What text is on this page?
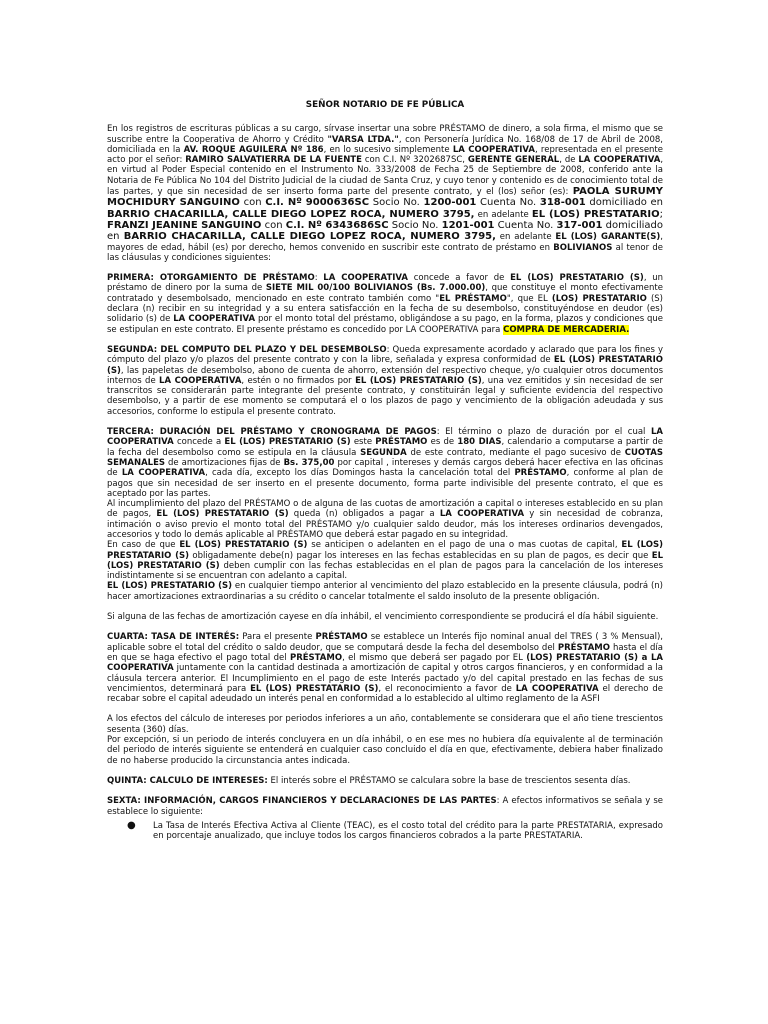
SEÑOR NOTARIO DE FE PÚBLICA
En los registros de escrituras públicas a su cargo, sírvase insertar una sobre PRÉSTAMO de dinero, a sola firma, el mismo que se suscribe entre la Cooperativa de Ahorro y Crédito "VARSA LTDA.", con Personería Jurídica No. 168/08 de 17 de Abril de 2008, domiciliada en la AV. ROQUE AGUILERA Nº 186, en lo sucesivo simplemente LA COOPERATIVA, representada en el presente acto por el señor: RAMIRO SALVATIERRA DE LA FUENTE con C.I. Nº 3202687SC, GERENTE GENERAL, de LA COOPERATIVA, en virtud al Poder Especial contenido en el Instrumento No. 333/2008 de Fecha 25 de Septiembre de 2008, conferido ante la Notaria de Fe Pública No 104 del Distrito Judicial de la ciudad de Santa Cruz, y cuyo tenor y contenido es de conocimiento total de las partes, y que sin necesidad de ser inserto forma parte del presente contrato, y el (los) señor (es): PAOLA SURUMY MOCHIDURY SANGUINO con C.I. Nº 9000636SC Socio No. 1200-001 Cuenta No. 318-001 domiciliado en BARRIO CHACARILLA, CALLE DIEGO LOPEZ ROCA, NUMERO 3795, en adelante EL (LOS) PRESTATARIO; FRANZI JEANINE SANGUINO con C.I. Nº 6343686SC Socio No. 1201-001 Cuenta No. 317-001 domiciliado en BARRIO CHACARILLA, CALLE DIEGO LOPEZ ROCA, NUMERO 3795, en adelante EL (LOS) GARANTE(S), mayores de edad, hábil (es) por derecho, hemos convenido en suscribir este contrato de préstamo en BOLIVIANOS al tenor de las cláusulas y condiciones siguientes:
PRIMERA: OTORGAMIENTO DE PRÉSTAMO: LA COOPERATIVA concede a favor de EL (LOS) PRESTATARIO (S), un préstamo de dinero por la suma de SIETE MIL 00/100 BOLIVIANOS (Bs. 7.000.00), que constituye el monto efectivamente contratado y desembolsado, mencionado en este contrato también como "EL PRÉSTAMO", que EL (LOS) PRESTATARIO (S) declara (n) recibir en su integridad y a su entera satisfacción en la fecha de su desembolso, constituyéndose en deudor (es) solidario (s) de LA COOPERATIVA por el monto total del préstamo, obligándose a su pago, en la forma, plazos y condiciones que se estipulan en este contrato. El presente préstamo es concedido por LA COOPERATIVA para COMPRA DE MERCADERIA.
SEGUNDA: DEL COMPUTO DEL PLAZO Y DEL DESEMBOLSO: Queda expresamente acordado y aclarado que para los fines y cómputo del plazo y/o plazos del presente contrato y con la libre, señalada y expresa conformidad de EL (LOS) PRESTATARIO (S), las papeletas de desembolso, abono de cuenta de ahorro, extensión del respectivo cheque, y/o cualquier otros documentos internos de LA COOPERATIVA, estén o no firmados por EL (LOS) PRESTATARIO (S), una vez emitidos y sin necesidad de ser transcritos se considerarán parte integrante del presente contrato, y constituirán legal y suficiente evidencia del respectivo desembolso, y a partir de ese momento se computará el o los plazos de pago y vencimiento de la obligación adeudada y sus accesorios, conforme lo estipula el presente contrato.
TERCERA: DURACIÓN DEL PRÉSTAMO Y CRONOGRAMA DE PAGOS: El término o plazo de duración por el cual LA COOPERATIVA concede a EL (LOS) PRESTATARIO (S) este PRÉSTAMO es de 180 DIAS, calendario a computarse a partir de la fecha del desembolso como se estipula en la cláusula SEGUNDA de este contrato, mediante el pago sucesivo de CUOTAS SEMANALES de amortizaciones fijas de Bs. 375,00 por capital , intereses y demás cargos deberá hacer efectiva en las oficinas de LA COOPERATIVA, cada día, excepto los días Domingos hasta la cancelación total del PRÉSTAMO, conforme al plan de pagos que sin necesidad de ser inserto en el presente documento, forma parte indivisible del presente contrato, el que es aceptado por las partes.
Al incumplimiento del plazo del PRÉSTAMO o de alguna de las cuotas de amortización a capital o intereses establecido en su plan de pagos, EL (LOS) PRESTATARIO (S) queda (n) obligados a pagar a LA COOPERATIVA y sin necesidad de cobranza, intimación o aviso previo el monto total del PRÉSTAMO y/o cualquier saldo deudor, más los intereses ordinarios devengados, accesorios y todo lo demás aplicable al PRÉSTAMO que deberá estar pagado en su integridad.
En caso de que EL (LOS) PRESTATARIO (S) se anticipen o adelanten en el pago de una o mas cuotas de capital, EL (LOS) PRESTATARIO (S) obligadamente debe(n) pagar los intereses en las fechas establecidas en su plan de pagos, es decir que EL (LOS) PRESTATARIO (S) deben cumplir con las fechas establecidas en el plan de pagos para la cancelación de los intereses indistintamente si se encuentran con adelanto a capital.
EL (LOS) PRESTATARIO (S) en cualquier tiempo anterior al vencimiento del plazo establecido en la presente cláusula, podrá (n) hacer amortizaciones extraordinarias a su crédito o cancelar totalmente el saldo insoluto de la presente obligación.
Si alguna de las fechas de amortización cayese en día inhábil, el vencimiento correspondiente se producirá el día hábil siguiente.
CUARTA: TASA DE INTERÉS: Para el presente PRÉSTAMO se establece un Interés fijo nominal anual del TRES ( 3 % Mensual), aplicable sobre el total del crédito o saldo deudor, que se computará desde la fecha del desembolso del PRÉSTAMO hasta el día en que se haga efectivo el pago total del PRÉSTAMO, el mismo que deberá ser pagado por EL (LOS) PRESTATARIO (S) a LA COOPERATIVA juntamente con la cantidad destinada a amortización de capital y otros cargos financieros, y en conformidad a la cláusula tercera anterior. El Incumplimiento en el pago de este Interés pactado y/o del capital prestado en las fechas de sus vencimientos, determinará para EL (LOS) PRESTATARIO (S), el reconocimiento a favor de LA COOPERATIVA el derecho de recabar sobre el capital adeudado un interés penal en conformidad a lo establecido al ultimo reglamento de la ASFI
A los efectos del cálculo de intereses por periodos inferiores a un año, contablemente se considerara que el año tiene trescientos sesenta (360) días.
Por excepción, si un periodo de interés concluyera en un día inhábil, o en ese mes no hubiera día equivalente al de terminación del periodo de interés siguiente se entenderá en cualquier caso concluido el día en que, efectivamente, debiera haber finalizado de no haberse producido la circunstancia antes indicada.
QUINTA: CALCULO DE INTERESES: El interés sobre el PRÉSTAMO se calculara sobre la base de trescientos sesenta días.
SEXTA: INFORMACIÓN, CARGOS FINANCIEROS Y DECLARACIONES DE LAS PARTES: A efectos informativos se señala y se establece lo siguiente:
● La Tasa de Interés Efectiva Activa al Cliente (TEAC), es el costo total del crédito para la parte PRESTATARIA, expresado en porcentaje anualizado, que incluye todos los cargos financieros cobrados a la parte PRESTATARIA.
